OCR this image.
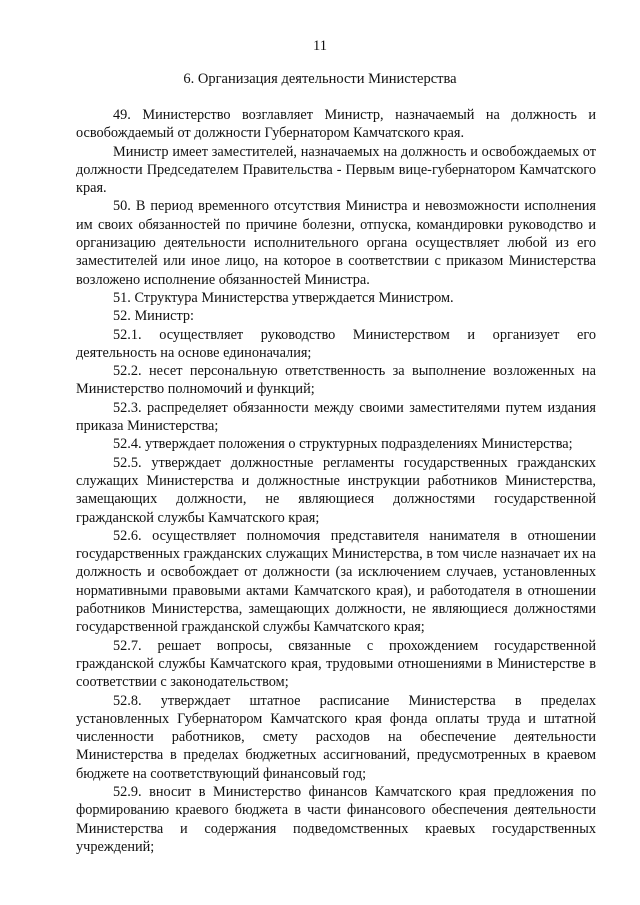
11
6. Организация деятельности Министерства

49. Министерство возглавляет Министр, назначаемый на должность и освобождаемый от должности Губернатором Камчатского края.

Министр имеет заместителей, назначаемых на должность и освобождаемых от должности Председателем Правительства - Первым вице-губернатором Камчатского края.

50. В период временного отсутствия Министра и невозможности исполнения им своих обязанностей по причине болезни, отпуска, командировки руководство и организацию деятельности исполнительного органа осуществляет любой из его заместителей или иное лицо, на которое в соответствии с приказом Министерства возложено исполнение обязанностей Министра.

51. Структура Министерства утверждается Министром.

52. Министр:

52.1. осуществляет руководство Министерством и организует его деятельность на основе единоначалия;

52.2. несет персональную ответственность за выполнение возложенных на Министерство полномочий и функций;

52.3. распределяет обязанности между своими заместителями путем издания приказа Министерства;

52.4. утверждает положения о структурных подразделениях Министерства;

52.5. утверждает должностные регламенты государственных гражданских служащих Министерства и должностные инструкции работников Министерства, замещающих должности, не являющиеся должностями государственной гражданской службы Камчатского края;

52.6. осуществляет полномочия представителя нанимателя в отношении государственных гражданских служащих Министерства, в том числе назначает их на должность и освобождает от должности (за исключением случаев, установленных нормативными правовыми актами Камчатского края), и работодателя в отношении работников Министерства, замещающих должности, не являющиеся должностями государственной гражданской службы Камчатского края;

52.7. решает вопросы, связанные с прохождением государственной гражданской службы Камчатского края, трудовыми отношениями в Министерстве в соответствии с законодательством;

52.8. утверждает штатное расписание Министерства в пределах установленных Губернатором Камчатского края фонда оплаты труда и штатной численности работников, смету расходов на обеспечение деятельности Министерства в пределах бюджетных ассигнований, предусмотренных в краевом бюджете на соответствующий финансовый год;

52.9. вносит в Министерство финансов Камчатского края предложения по формированию краевого бюджета в части финансового обеспечения деятельности Министерства и содержания подведомственных краевых государственных учреждений;
